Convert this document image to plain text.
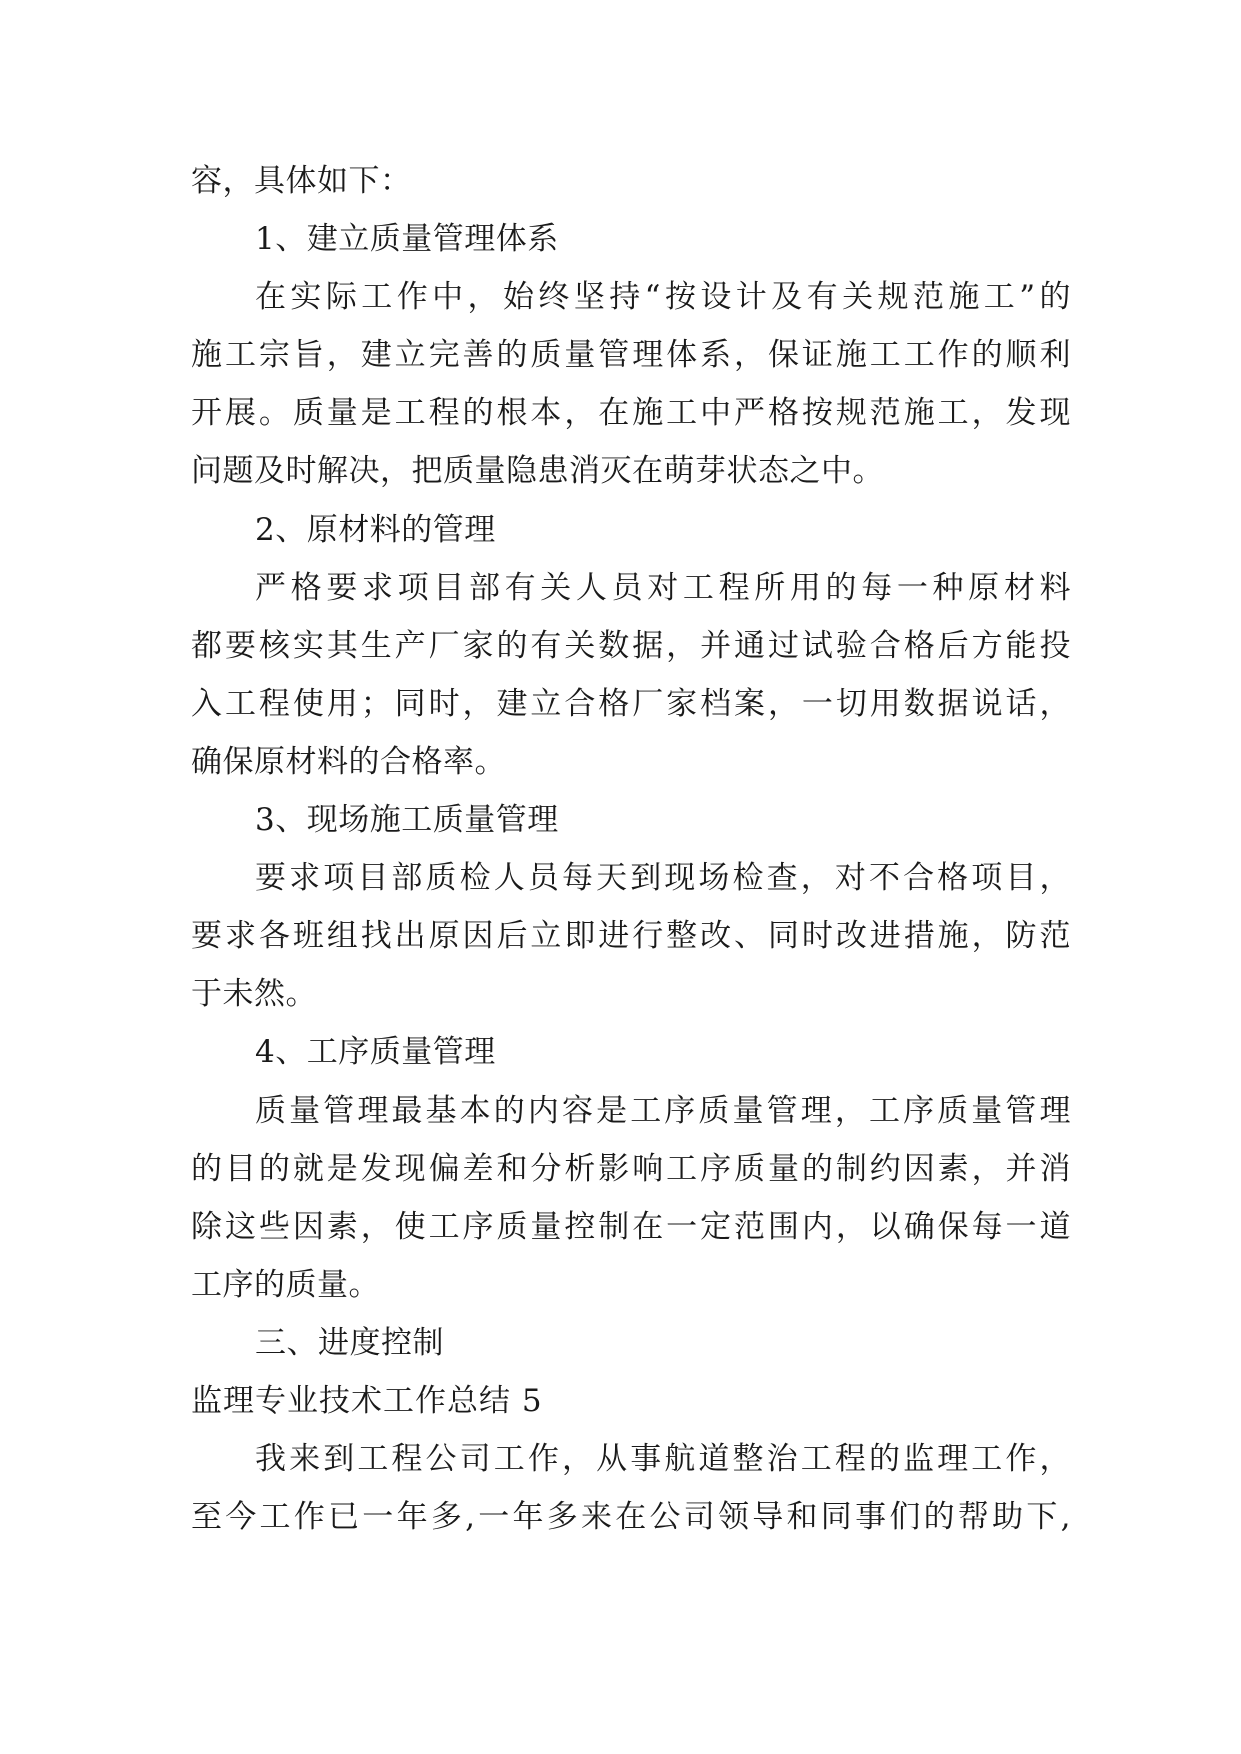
容，具体如下：
1、建立质量管理体系
在实际工作中，始终坚持“按设计及有关规范施工”的
施工宗旨，建立完善的质量管理体系，保证施工工作的顺利
开展。质量是工程的根本，在施工中严格按规范施工，发现
问题及时解决，把质量隐患消灭在萌芽状态之中。
2、原材料的管理
严格要求项目部有关人员对工程所用的每一种原材料
都要核实其生产厂家的有关数据，并通过试验合格后方能投
入工程使用；同时，建立合格厂家档案，一切用数据说话，
确保原材料的合格率。
3、现场施工质量管理
要求项目部质检人员每天到现场检查，对不合格项目，
要求各班组找出原因后立即进行整改、同时改进措施，防范
于未然。
4、工序质量管理
质量管理最基本的内容是工序质量管理，工序质量管理
的目的就是发现偏差和分析影响工序质量的制约因素，并消
除这些因素，使工序质量控制在一定范围内，以确保每一道
工序的质量。
三、进度控制
监理专业技术工作总结 5
我来到工程公司工作，从事航道整治工程的监理工作，
至今工作已一年多,一年多来在公司领导和同事们的帮助下,
